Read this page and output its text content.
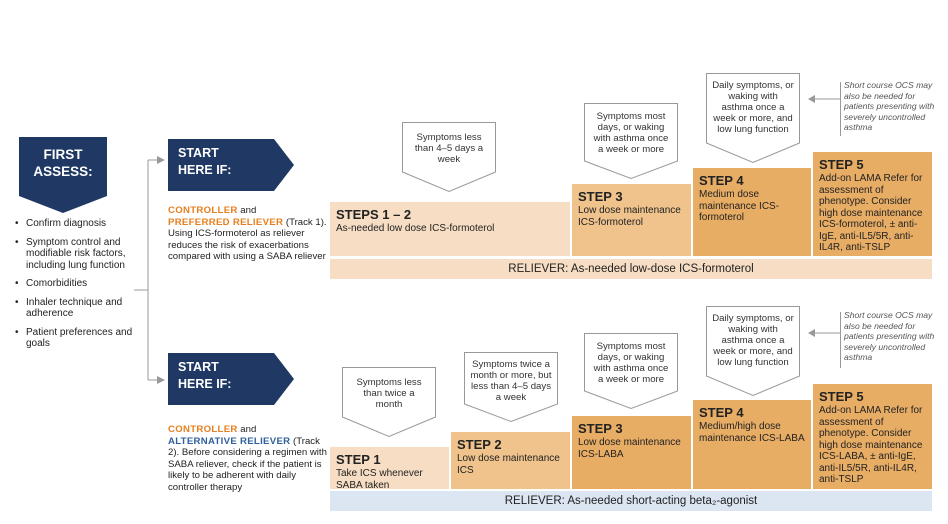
FIRST ASSESS:
• Confirm diagnosis
• Symptom control and modifiable risk factors, including lung function
• Comorbidities
• Inhaler technique and adherence
• Patient preferences and goals
START HERE IF:
CONTROLLER and
PREFERRED RELIEVER (Track 1). Using ICS-formoterol as reliever reduces the risk of exacerbations compared with using a SABA reliever
Symptoms less than 4–5 days a week
Symptoms most days, or waking with asthma once a week or more
Daily symptoms, or waking with asthma once a week or more, and low lung function
Short course OCS may also be needed for patients presenting with severely uncontrolled asthma
STEPS 1 – 2
As-needed low dose ICS-formoterol
STEP 3
Low dose maintenance ICS-formoterol
STEP 4
Medium dose maintenance ICS-formoterol
STEP 5
Add-on LAMA Refer for assessment of phenotype. Consider high dose maintenance ICS-formoterol, ± anti-IgE, anti-IL5/5R, anti-IL4R, anti-TSLP
RELIEVER: As-needed low-dose ICS-formoterol
START HERE IF:
CONTROLLER and
ALTERNATIVE RELIEVER (Track 2). Before considering a regimen with SABA reliever, check if the patient is likely to be adherent with daily controller therapy
Symptoms less than twice a month
Symptoms twice a month or more, but less than 4–5 days a week
Symptoms most days, or waking with asthma once a week or more
Daily symptoms, or waking with asthma once a week or more, and low lung function
Short course OCS may also be needed for patients presenting with severely uncontrolled asthma
STEP 1
Take ICS whenever SABA taken
STEP 2
Low dose maintenance ICS
STEP 3
Low dose maintenance ICS-LABA
STEP 4
Medium/high dose maintenance ICS-LABA
STEP 5
Add-on LAMA Refer for assessment of phenotype. Consider high dose maintenance ICS-LABA, ± anti-IgE, anti-IL5/5R, anti-IL4R, anti-TSLP
RELIEVER: As-needed short-acting beta₂-agonist
